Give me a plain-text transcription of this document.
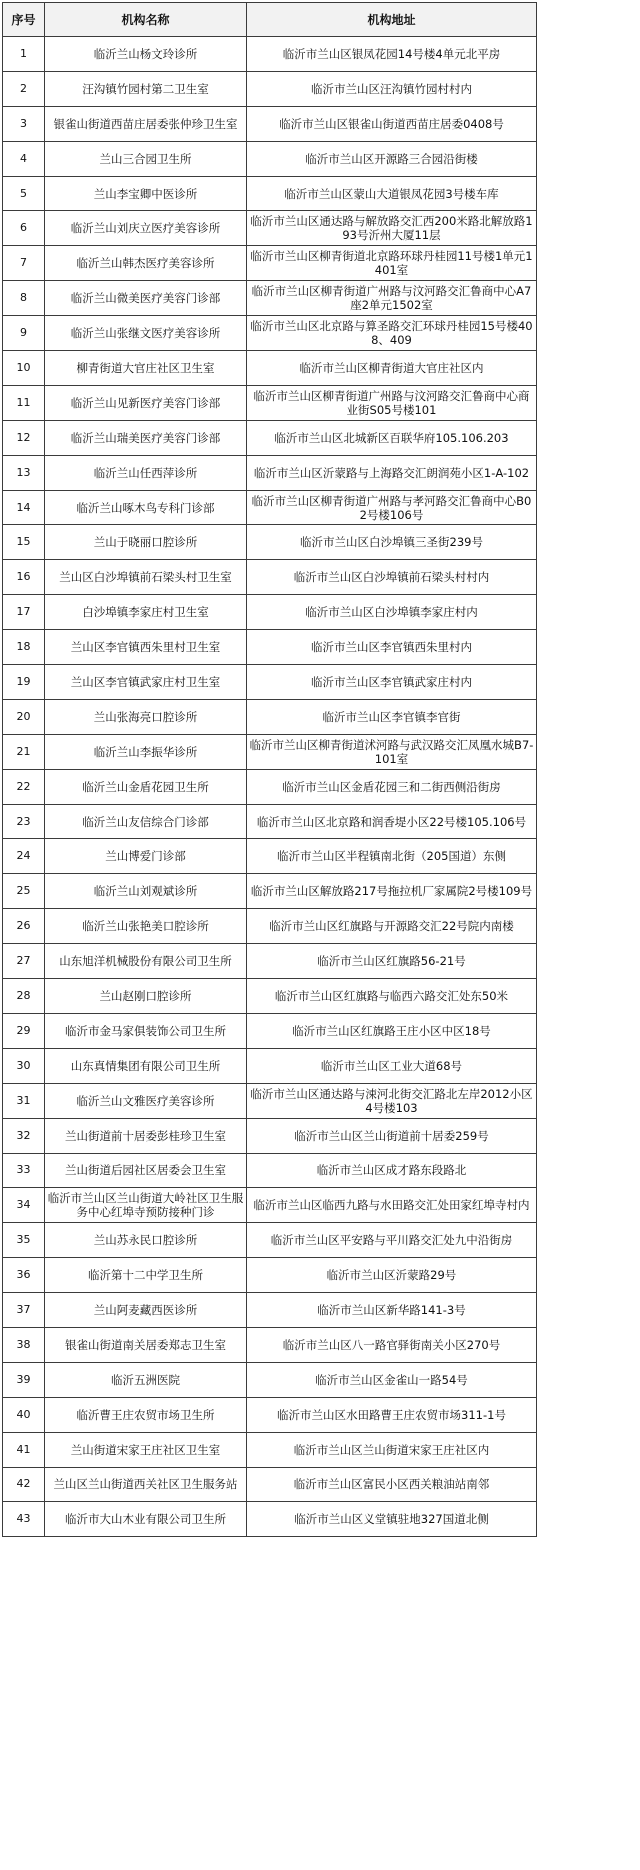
序号	机构名称	机构地址
1	临沂兰山杨文玲诊所	临沂市兰山区银凤花园14号楼4单元北平房
2	汪沟镇竹园村第二卫生室	临沂市兰山区汪沟镇竹园村村内
3	银雀山街道西苗庄居委张仲珍卫生室	临沂市兰山区银雀山街道西苗庄居委0408号
4	兰山三合园卫生所	临沂市兰山区开源路三合园沿街楼
5	兰山李宝卿中医诊所	临沂市兰山区蒙山大道银凤花园3号楼车库
6	临沂兰山刘庆立医疗美容诊所	临沂市兰山区通达路与解放路交汇西200米路北解放路193号沂州大厦11层
7	临沂兰山韩杰医疗美容诊所	临沂市兰山区柳青街道北京路环球丹桂园11号楼1单元1401室
8	临沂兰山微美医疗美容门诊部	临沂市兰山区柳青街道广州路与汶河路交汇鲁商中心A7座2单元1502室
9	临沂兰山张继文医疗美容诊所	临沂市兰山区北京路与算圣路交汇环球丹桂园15号楼408、409
10	柳青街道大官庄社区卫生室	临沂市兰山区柳青街道大官庄社区内
11	临沂兰山见新医疗美容门诊部	临沂市兰山区柳青街道广州路与汶河路交汇鲁商中心商业街S05号楼101
12	临沂兰山瑞美医疗美容门诊部	临沂市兰山区北城新区百联华府105.106.203
13	临沂兰山任西萍诊所	临沂市兰山区沂蒙路与上海路交汇朗润苑小区1-A-102
14	临沂兰山啄木鸟专科门诊部	临沂市兰山区柳青街道广州路与孝河路交汇鲁商中心B02号楼106号
15	兰山于晓丽口腔诊所	临沂市兰山区白沙埠镇三圣街239号
16	兰山区白沙埠镇前石梁头村卫生室	临沂市兰山区白沙埠镇前石梁头村村内
17	白沙埠镇李家庄村卫生室	临沂市兰山区白沙埠镇李家庄村内
18	兰山区李官镇西朱里村卫生室	临沂市兰山区李官镇西朱里村内
19	兰山区李官镇武家庄村卫生室	临沂市兰山区李官镇武家庄村内
20	兰山张海亮口腔诊所	临沂市兰山区李官镇李官街
21	临沂兰山李振华诊所	临沂市兰山区柳青街道沭河路与武汉路交汇凤凰水城B7-101室
22	临沂兰山金盾花园卫生所	临沂市兰山区金盾花园三和二街西侧沿街房
23	临沂兰山友信综合门诊部	临沂市兰山区北京路和润香堤小区22号楼105.106号
24	兰山博爱门诊部	临沂市兰山区半程镇南北街（205国道）东侧
25	临沂兰山刘观斌诊所	临沂市兰山区解放路217号拖拉机厂家属院2号楼109号
26	临沂兰山张艳美口腔诊所	临沂市兰山区红旗路与开源路交汇22号院内南楼
27	山东旭洋机械股份有限公司卫生所	临沂市兰山区红旗路56-21号
28	兰山赵刚口腔诊所	临沂市兰山区红旗路与临西六路交汇处东50米
29	临沂市金马家俱装饰公司卫生所	临沂市兰山区红旗路王庄小区中区18号
30	山东真情集团有限公司卫生所	临沂市兰山区工业大道68号
31	临沂兰山文雅医疗美容诊所	临沂市兰山区通达路与涑河北街交汇路北左岸2012小区4号楼103
32	兰山街道前十居委彭桂珍卫生室	临沂市兰山区兰山街道前十居委259号
33	兰山街道后园社区居委会卫生室	临沂市兰山区成才路东段路北
34	临沂市兰山区兰山街道大岭社区卫生服务中心红埠寺预防接种门诊	临沂市兰山区临西九路与水田路交汇处田家红埠寺村内
35	兰山苏永民口腔诊所	临沂市兰山区平安路与平川路交汇处九中沿街房
36	临沂第十二中学卫生所	临沂市兰山区沂蒙路29号
37	兰山阿麦藏西医诊所	临沂市兰山区新华路141-3号
38	银雀山街道南关居委郑志卫生室	临沂市兰山区八一路官驿街南关小区270号
39	临沂五洲医院	临沂市兰山区金雀山一路54号
40	临沂曹王庄农贸市场卫生所	临沂市兰山区水田路曹王庄农贸市场311-1号
41	兰山街道宋家王庄社区卫生室	临沂市兰山区兰山街道宋家王庄社区内
42	兰山区兰山街道西关社区卫生服务站	临沂市兰山区富民小区西关粮油站南邻
43	临沂市大山木业有限公司卫生所	临沂市兰山区义堂镇驻地327国道北侧
